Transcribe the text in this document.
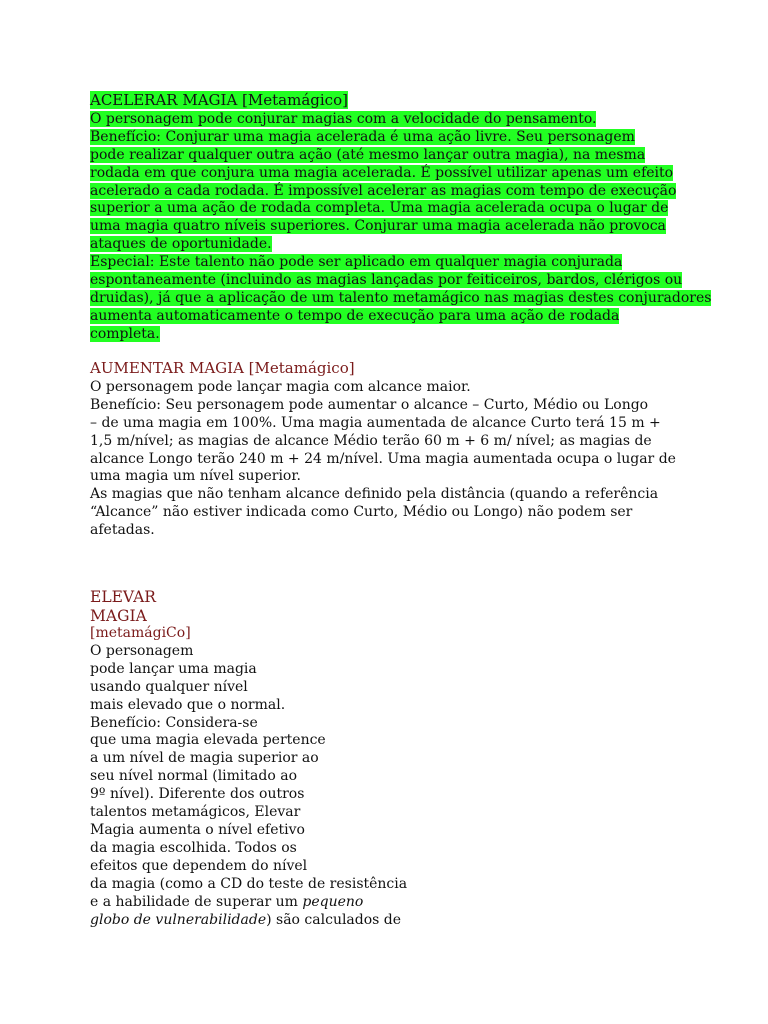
ACELERAR MAGIA [Metamágico]
O personagem pode conjurar magias com a velocidade do pensamento.
Benefício: Conjurar uma magia acelerada é uma ação livre. Seu personagem
pode realizar qualquer outra ação (até mesmo lançar outra magia), na mesma
rodada em que conjura uma magia acelerada. É possível utilizar apenas um efeito
acelerado a cada rodada. É impossível acelerar as magias com tempo de execução
superior a uma ação de rodada completa. Uma magia acelerada ocupa o lugar de
uma magia quatro níveis superiores. Conjurar uma magia acelerada não provoca
ataques de oportunidade.
Especial: Este talento não pode ser aplicado em qualquer magia conjurada
espontaneamente (incluindo as magias lançadas por feiticeiros, bardos, clérigos ou
druidas), já que a aplicação de um talento metamágico nas magias destes conjuradores
aumenta automaticamente o tempo de execução para uma ação de rodada
completa.
AUMENTAR MAGIA [Metamágico]
O personagem pode lançar magia com alcance maior.
Benefício: Seu personagem pode aumentar o alcance – Curto, Médio ou Longo
– de uma magia em 100%. Uma magia aumentada de alcance Curto terá 15 m +
1,5 m/nível; as magias de alcance Médio terão 60 m + 6 m/ nível; as magias de
alcance Longo terão 240 m + 24 m/nível. Uma magia aumentada ocupa o lugar de
uma magia um nível superior.
As magias que não tenham alcance definido pela distância (quando a referência
“Alcance” não estiver indicada como Curto, Médio ou Longo) não podem ser
afetadas.
ELEVAR
MAGIA
[metamágiCo]
O personagem
pode lançar uma magia
usando qualquer nível
mais elevado que o normal.
Benefício: Considera-se
que uma magia elevada pertence
a um nível de magia superior ao
seu nível normal (limitado ao
9º nível). Diferente dos outros
talentos metamágicos, Elevar
Magia aumenta o nível efetivo
da magia escolhida. Todos os
efeitos que dependem do nível
da magia (como a CD do teste de resistência
e a habilidade de superar um pequeno
globo de vulnerabilidade) são calculados de
